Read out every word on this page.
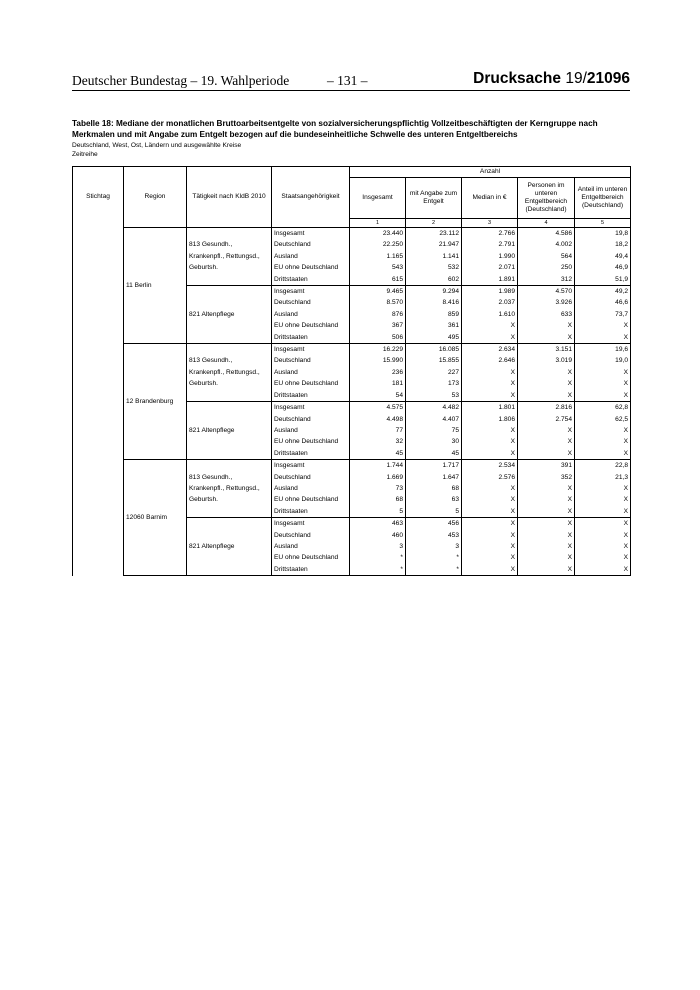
Deutscher Bundestag – 19. Wahlperiode	– 131 –	Drucksache 19/21096
Tabelle 18: Mediane der monatlichen Bruttoarbeitsentgelte von sozialversicherungspflichtig Vollzeitbeschäftigten der Kerngruppe nach Merkmalen und mit Angabe zum Entgelt bezogen auf die bundeseinheitliche Schwelle des unteren Entgeltbereichs
Deutschland, West, Ost, Ländern und ausgewählte Kreise
Zeitreihe
Stichtag	Region	Tätigkeit nach KldB 2010	Staatsangehörigkeit	Anzahl				
				Insgesamt	mit Angabe zum Entgelt	Median in €	Personen im unteren Entgeltbereich (Deutschland)	Anteil im unteren Entgeltbereich (Deutschland)
				1	2	3	4	5
	11 Berlin	813 Gesundh., Krankenpfl., Rettungsd., Geburtsh.	Insgesamt	23.440	23.112	2.766	4.586	19,8
			Deutschland	22.250	21.947	2.791	4.002	18,2
			Ausland	1.165	1.141	1.990	564	49,4
			EU ohne Deutschland	543	532	2.071	250	46,9
			Drittstaaten	615	602	1.891	312	51,9
		821 Altenpflege	Insgesamt	9.465	9.294	1.989	4.570	49,2
			Deutschland	8.570	8.416	2.037	3.926	46,6
			Ausland	876	859	1.610	633	73,7
			EU ohne Deutschland	367	361	X	X	X
			Drittstaaten	506	495	X	X	X
	12 Brandenburg	813 Gesundh., Krankenpfl., Rettungsd., Geburtsh.	Insgesamt	16.229	16.085	2.634	3.151	19,6
			Deutschland	15.990	15.855	2.646	3.019	19,0
			Ausland	236	227	X	X	X
			EU ohne Deutschland	181	173	X	X	X
			Drittstaaten	54	53	X	X	X
		821 Altenpflege	Insgesamt	4.575	4.482	1.801	2.816	62,8
			Deutschland	4.498	4.407	1.806	2.754	62,5
			Ausland	77	75	X	X	X
			EU ohne Deutschland	32	30	X	X	X
			Drittstaaten	45	45	X	X	X
	12060 Barnim	813 Gesundh., Krankenpfl., Rettungsd., Geburtsh.	Insgesamt	1.744	1.717	2.534	391	22,8
			Deutschland	1.669	1.647	2.576	352	21,3
			Ausland	73	68	X	X	X
			EU ohne Deutschland	68	63	X	X	X
			Drittstaaten	5	5	X	X	X
		821 Altenpflege	Insgesamt	463	456	X	X	X
			Deutschland	460	453	X	X	X
			Ausland	3	3	X	X	X
			EU ohne Deutschland	*	*	X	X	X
			Drittstaaten	*	*	X	X	X
